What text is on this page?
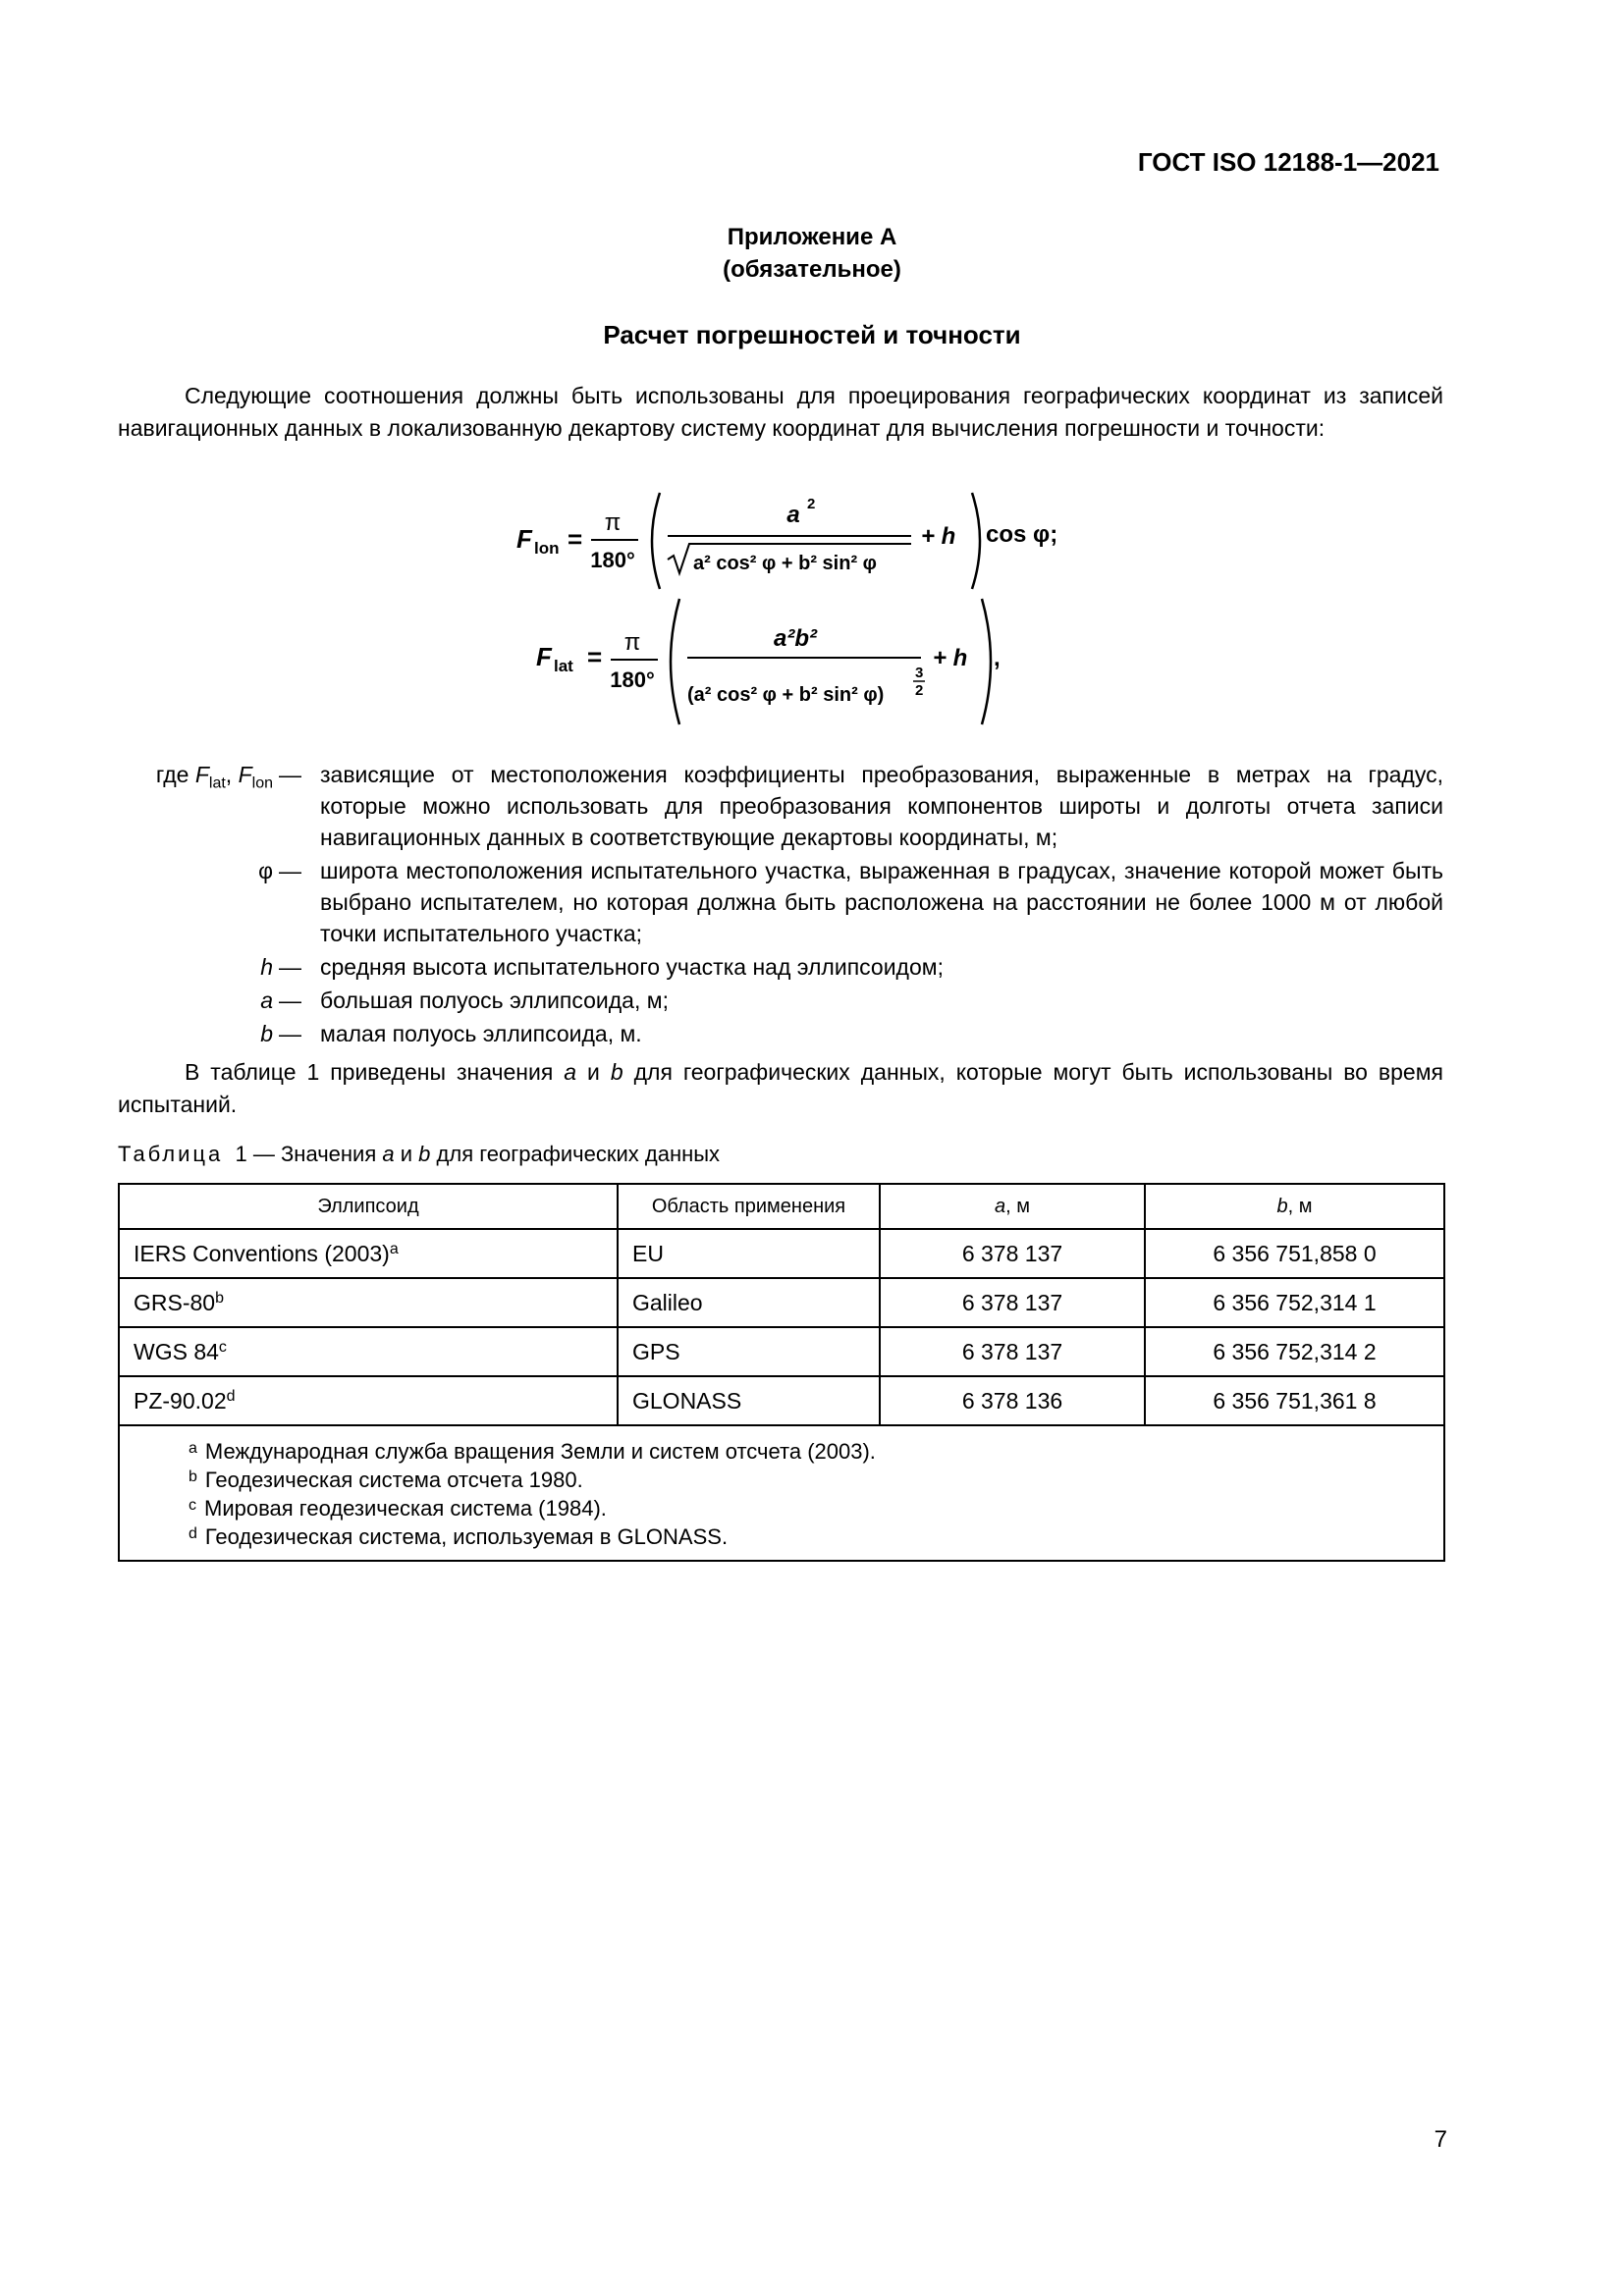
ГОСТ ISO 12188-1—2021
Приложение А
(обязательное)
Расчет погрешностей и точности
Следующие соотношения должны быть использованы для проецирования географических координат из записей навигационных данных в локализованную декартову систему координат для вычисления погрешности и точности:
F lon =
π
180°
a 2
a² cos² φ + b² sin² φ
+ h cos φ;
F lat = π
180°
a²b²
(a² cos² φ + b² sin² φ)
3
2
+ h ,
где $F_{lat}$, $F_{lon}$ — зависящие от местоположения коэффициенты преобразования, выраженные в метрах на градус, которые можно использовать для преобразования компонентов широты и долготы отчета записи навигационных данных в соответствующие декартовы координаты, м;
φ — широта местоположения испытательного участка, выраженная в градусах, значение которой может быть выбрано испытателем, но которая должна быть расположена на расстоянии не более 1000 м от любой точки испытательного участка;
h — средняя высота испытательного участка над эллипсоидом;
a — большая полуось эллипсоида, м;
b — малая полуось эллипсоида, м.
В таблице 1 приведены значения a и b для географических данных, которые могут быть использованы во время испытаний.
Таблица 1 — Значения a и b для географических данных
Эллипсоид	Область применения	a, м	b, м
IERS Conventions (2003)$^a$	EU	6 378 137	6 356 751,858 0
GRS-80$^b$	Galileo	6 378 137	6 356 752,314 1
WGS 84$^c$	GPS	6 378 137	6 356 752,314 2
PZ-90.02$^d$	GLONASS	6 378 136	6 356 751,361 8

$^a$ Международная служба вращения Земли и систем отсчета (2003).
$^b$ Геодезическая система отсчета 1980.
$^c$ Мировая геодезическая система (1984).
$^d$ Геодезическая система, используемая в GLONASS.			
7
